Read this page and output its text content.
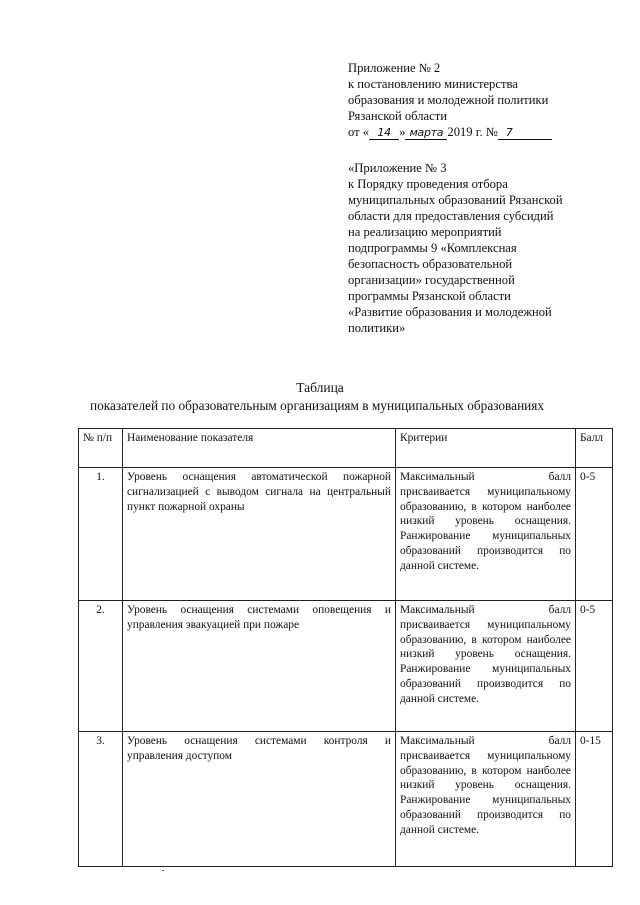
Приложение № 2
к постановлению министерства
образования и молодежной политики
Рязанской области
от « 14 » марта 2019 г. № 7
«Приложение № 3
к Порядку проведения отбора
муниципальных образований Рязанской
области для предоставления субсидий
на реализацию мероприятий
подпрограммы 9 «Комплексная
безопасность образовательной
организации» государственной
программы Рязанской области
«Развитие образования и молодежной
политики»
Таблица
показателей по образовательным организациям в муниципальных образованиях
№ п/п	Наименование показателя	Критерии	Балл
1.	Уровень оснащения автоматической пожарной сигнализацией с выводом сигнала на центральный пункт пожарной охраны	Максимальный балл присваивается муниципальному образованию, в котором наиболее низкий уровень оснащения. Ранжирование муниципальных образований производится по данной системе.	0-5
2.	Уровень оснащения системами оповещения и управления эвакуацией при пожаре	Максимальный балл присваивается муниципальному образованию, в котором наиболее низкий уровень оснащения. Ранжирование муниципальных образований производится по данной системе.	0-5
3.	Уровень оснащения системами контроля и управления доступом	Максимальный балл присваивается муниципальному образованию, в котором наиболее низкий уровень оснащения. Ранжирование муниципальных образований производится по данной системе.	0-15
